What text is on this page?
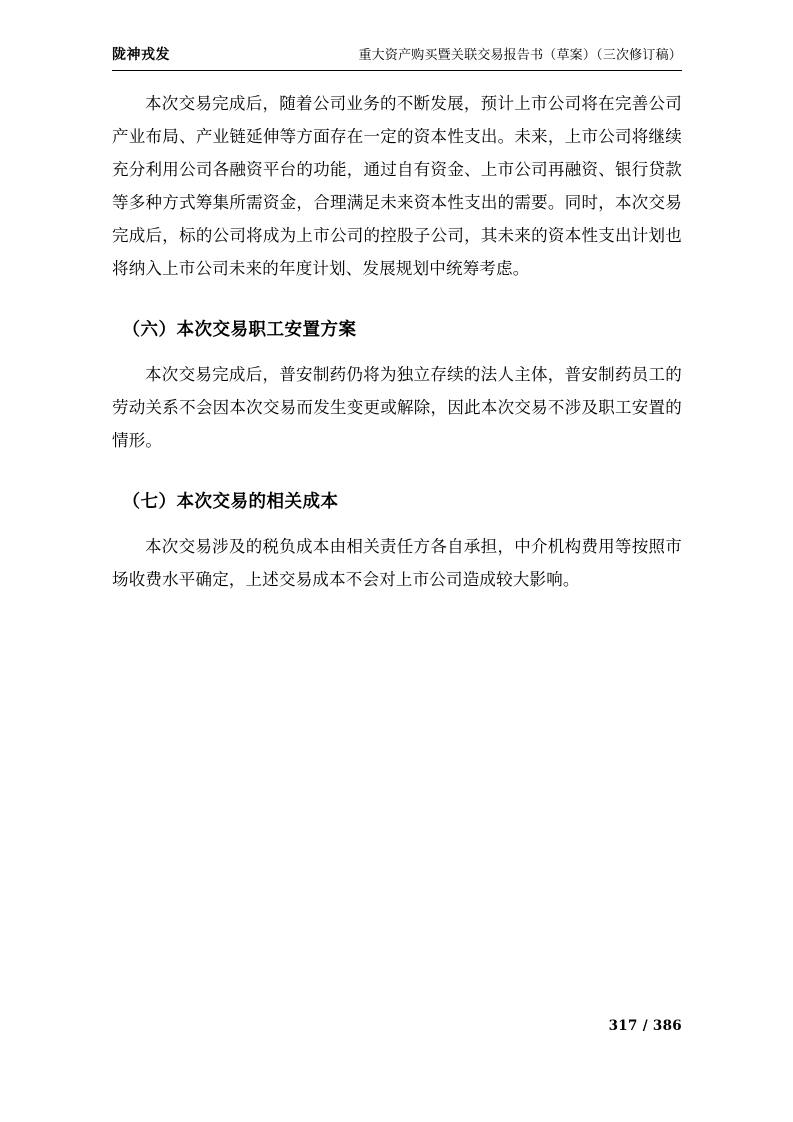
陇神戎发	重大资产购买暨关联交易报告书（草案）（三次修订稿）

本次交易完成后，随着公司业务的不断发展，预计上市公司将在完善公司产业布局、产业链延伸等方面存在一定的资本性支出。未来，上市公司将继续充分利用公司各融资平台的功能，通过自有资金、上市公司再融资、银行贷款等多种方式筹集所需资金，合理满足未来资本性支出的需要。同时，本次交易完成后，标的公司将成为上市公司的控股子公司，其未来的资本性支出计划也将纳入上市公司未来的年度计划、发展规划中统筹考虑。

（六）本次交易职工安置方案

本次交易完成后，普安制药仍将为独立存续的法人主体，普安制药员工的劳动关系不会因本次交易而发生变更或解除，因此本次交易不涉及职工安置的情形。

（七）本次交易的相关成本

本次交易涉及的税负成本由相关责任方各自承担，中介机构费用等按照市场收费水平确定，上述交易成本不会对上市公司造成较大影响。

317 / 386
